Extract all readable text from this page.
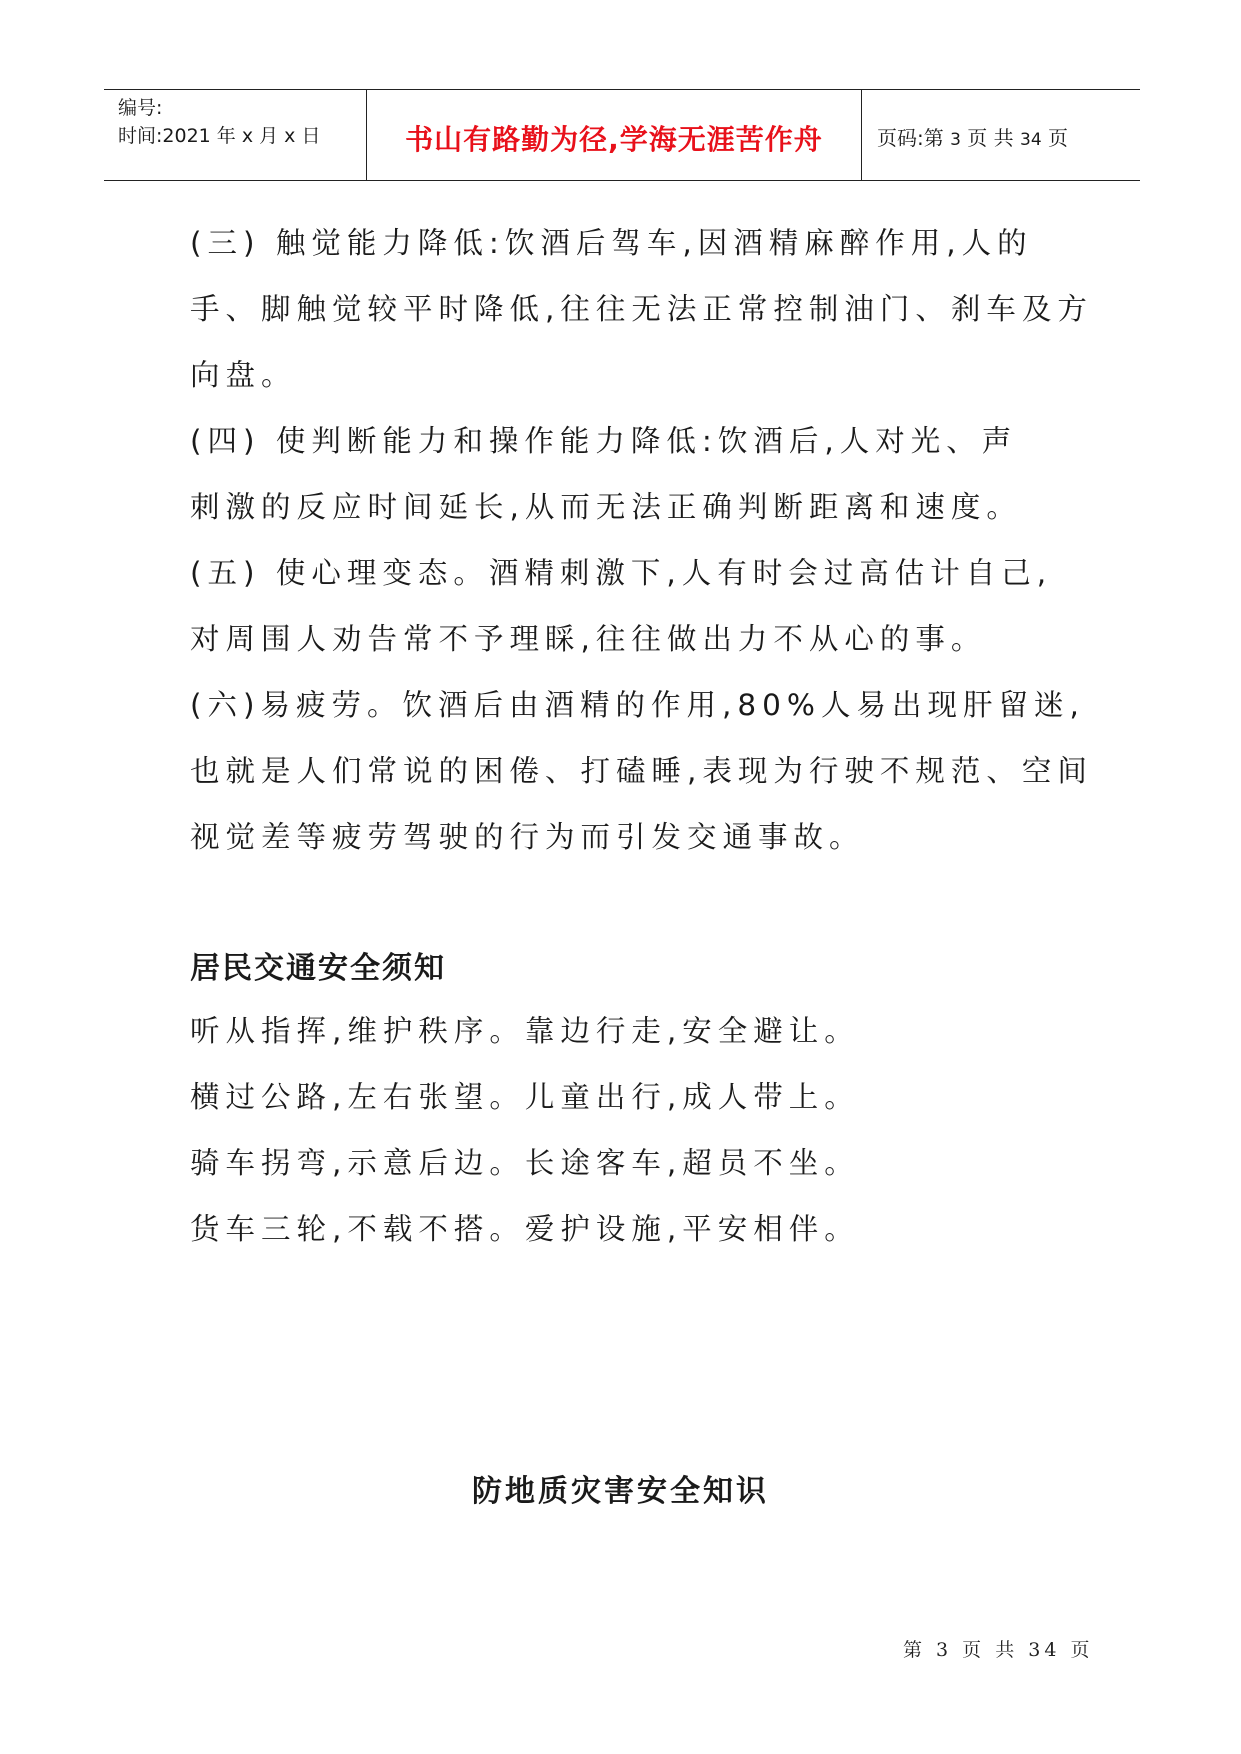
编号:
时间:2021 年 x 月 x 日	书山有路勤为径,学海无涯苦作舟	页码:第 3 页 共 34 页
(三) 触觉能力降低:饮酒后驾车,因酒精麻醉作用,人的
手、脚触觉较平时降低,往往无法正常控制油门、刹车及方
向盘。
(四) 使判断能力和操作能力降低:饮酒后,人对光、声
刺激的反应时间延长,从而无法正确判断距离和速度。
(五) 使心理变态。酒精刺激下,人有时会过高估计自己,
对周围人劝告常不予理睬,往往做出力不从心的事。
(六)易疲劳。饮酒后由酒精的作用,80%人易出现肝留迷,
也就是人们常说的困倦、打磕睡,表现为行驶不规范、空间
视觉差等疲劳驾驶的行为而引发交通事故。
居民交通安全须知
听从指挥,维护秩序。靠边行走,安全避让。
横过公路,左右张望。儿童出行,成人带上。
骑车拐弯,示意后边。长途客车,超员不坐。
货车三轮,不载不搭。爱护设施,平安相伴。
防地质灾害安全知识
第 3 页 共 34 页
